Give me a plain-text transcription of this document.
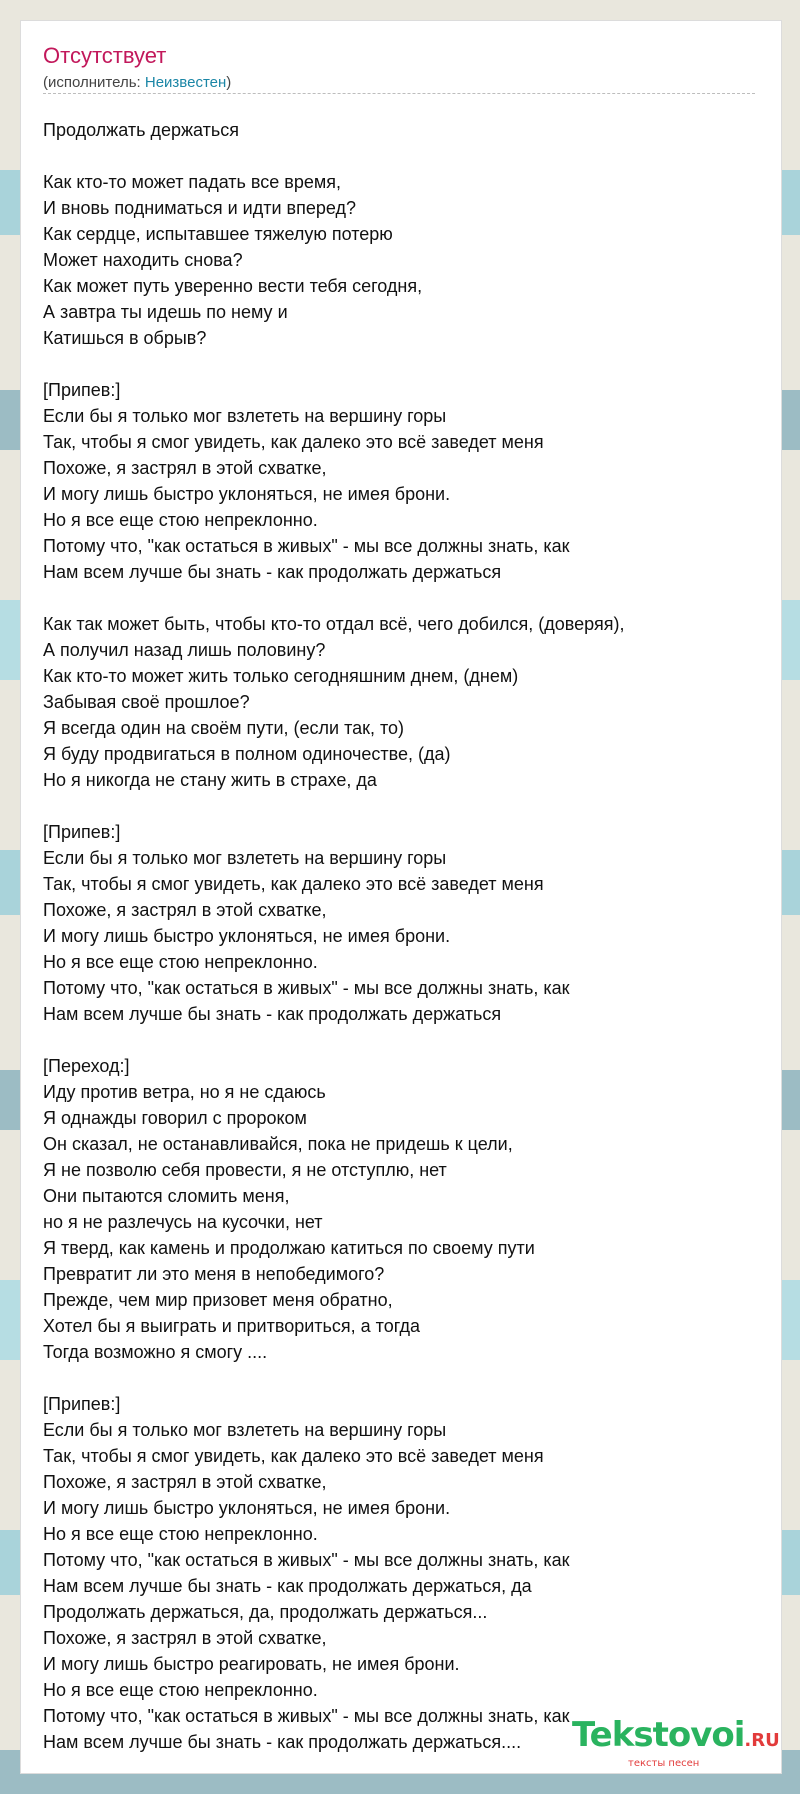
Отсутствует
(исполнитель: Неизвестен)
Продолжать держаться

Как кто-то может падать все время,
И вновь подниматься и идти вперед?
Как сердце, испытавшее тяжелую потерю
Может находить снова?
Как может путь уверенно вести тебя сегодня,
А завтра ты идешь по нему и
Катишься в обрыв?

[Припев:]
Если бы я только мог взлететь на вершину горы
Так, чтобы я смог увидеть, как далеко это всё заведет меня
Похоже, я застрял в этой схватке,
И могу лишь быстро уклоняться, не имея брони.
Но я все еще стою непреклонно.
Потому что, "как остаться в живых" - мы все должны знать, как
Нам всем лучше бы знать - как продолжать держаться

Как так может быть, чтобы кто-то отдал всё, чего добился, (доверяя),
А получил назад лишь половину?
Как кто-то может жить только сегодняшним днем, (днем)
Забывая своё прошлое?
Я всегда один на своём пути, (если так, то)
Я буду продвигаться в полном одиночестве, (да)
Но я никогда не стану жить в страхе, да

[Припев:]
Если бы я только мог взлететь на вершину горы
Так, чтобы я смог увидеть, как далеко это всё заведет меня
Похоже, я застрял в этой схватке,
И могу лишь быстро уклоняться, не имея брони.
Но я все еще стою непреклонно.
Потому что, "как остаться в живых" - мы все должны знать, как
Нам всем лучше бы знать - как продолжать держаться

[Переход:]
Иду против ветра, но я не сдаюсь
Я однажды говорил с пророком
Он сказал, не останавливайся, пока не придешь к цели,
Я не позволю себя провести, я не отступлю, нет
Они пытаются сломить меня,
но я не разлечусь на кусочки, нет
Я тверд, как камень и продолжаю катиться по своему пути
Превратит ли это меня в непобедимого?
Прежде, чем мир призовет меня обратно,
Хотел бы я выиграть и притвориться, а тогда
Тогда возможно я смогу ....

[Припев:]
Если бы я только мог взлететь на вершину горы
Так, чтобы я смог увидеть, как далеко это всё заведет меня
Похоже, я застрял в этой схватке,
И могу лишь быстро уклоняться, не имея брони.
Но я все еще стою непреклонно.
Потому что, "как остаться в живых" - мы все должны знать, как
Нам всем лучше бы знать - как продолжать держаться, да
Продолжать держаться, да, продолжать держаться...
Похоже, я застрял в этой схватке,
И могу лишь быстро реагировать, не имея брони.
Но я все еще стою непреклонно.
Потому что, "как остаться в живых" - мы все должны знать, как
Нам всем лучше бы знать - как продолжать держаться....	Tekstovoi.RU
тексты песен
